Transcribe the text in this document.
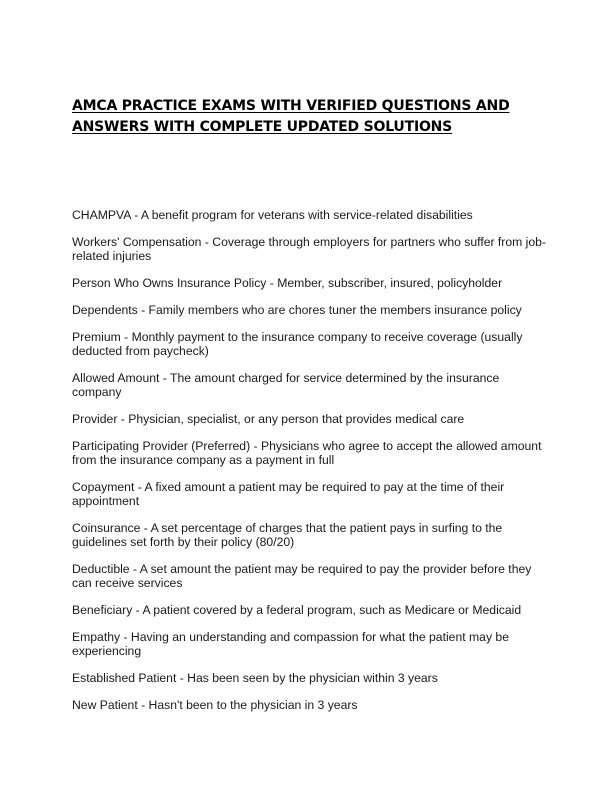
AMCA PRACTICE EXAMS WITH VERIFIED QUESTIONS AND
ANSWERS WITH COMPLETE UPDATED SOLUTIONS
CHAMPVA - A benefit program for veterans with service-related disabilities
Workers' Compensation - Coverage through employers for partners who suffer from job-
related injuries
Person Who Owns Insurance Policy - Member, subscriber, insured, policyholder
Dependents - Family members who are chores tuner the members insurance policy
Premium - Monthly payment to the insurance company to receive coverage (usually
deducted from paycheck)
Allowed Amount - The amount charged for service determined by the insurance
company
Provider - Physician, specialist, or any person that provides medical care
Participating Provider (Preferred) - Physicians who agree to accept the allowed amount
from the insurance company as a payment in full
Copayment - A fixed amount a patient may be required to pay at the time of their
appointment
Coinsurance - A set percentage of charges that the patient pays in surfing to the
guidelines set forth by their policy (80/20)
Deductible - A set amount the patient may be required to pay the provider before they
can receive services
Beneficiary - A patient covered by a federal program, such as Medicare or Medicaid
Empathy - Having an understanding and compassion for what the patient may be
experiencing
Established Patient - Has been seen by the physician within 3 years
New Patient - Hasn't been to the physician in 3 years
